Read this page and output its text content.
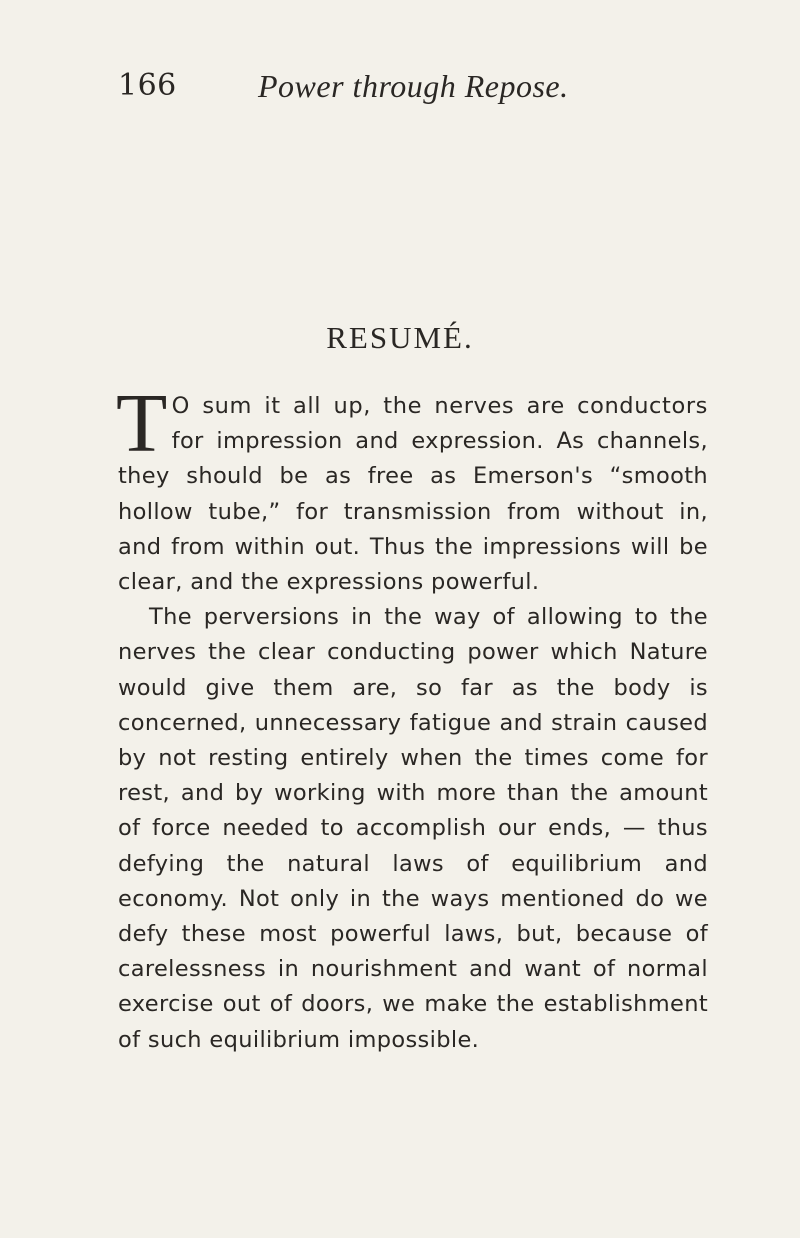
166	Power through Repose.
RESUMÉ.

T O sum it all up, the nerves are conductors for impression and expression. As channels, they should be as free as Emerson's “smooth hollow tube,” for transmission from without in, and from within out. Thus the impressions will be clear, and the expressions powerful.

The perversions in the way of allowing to the nerves the clear conducting power which Nature would give them are, so far as the body is concerned, unnecessary fatigue and strain caused by not resting entirely when the times come for rest, and by working with more than the amount of force needed to accomplish our ends, — thus defying the natural laws of equilibrium and economy. Not only in the ways mentioned do we defy these most powerful laws, but, because of carelessness in nourishment and want of normal exercise out of doors, we make the establishment of such equilibrium impossible.
